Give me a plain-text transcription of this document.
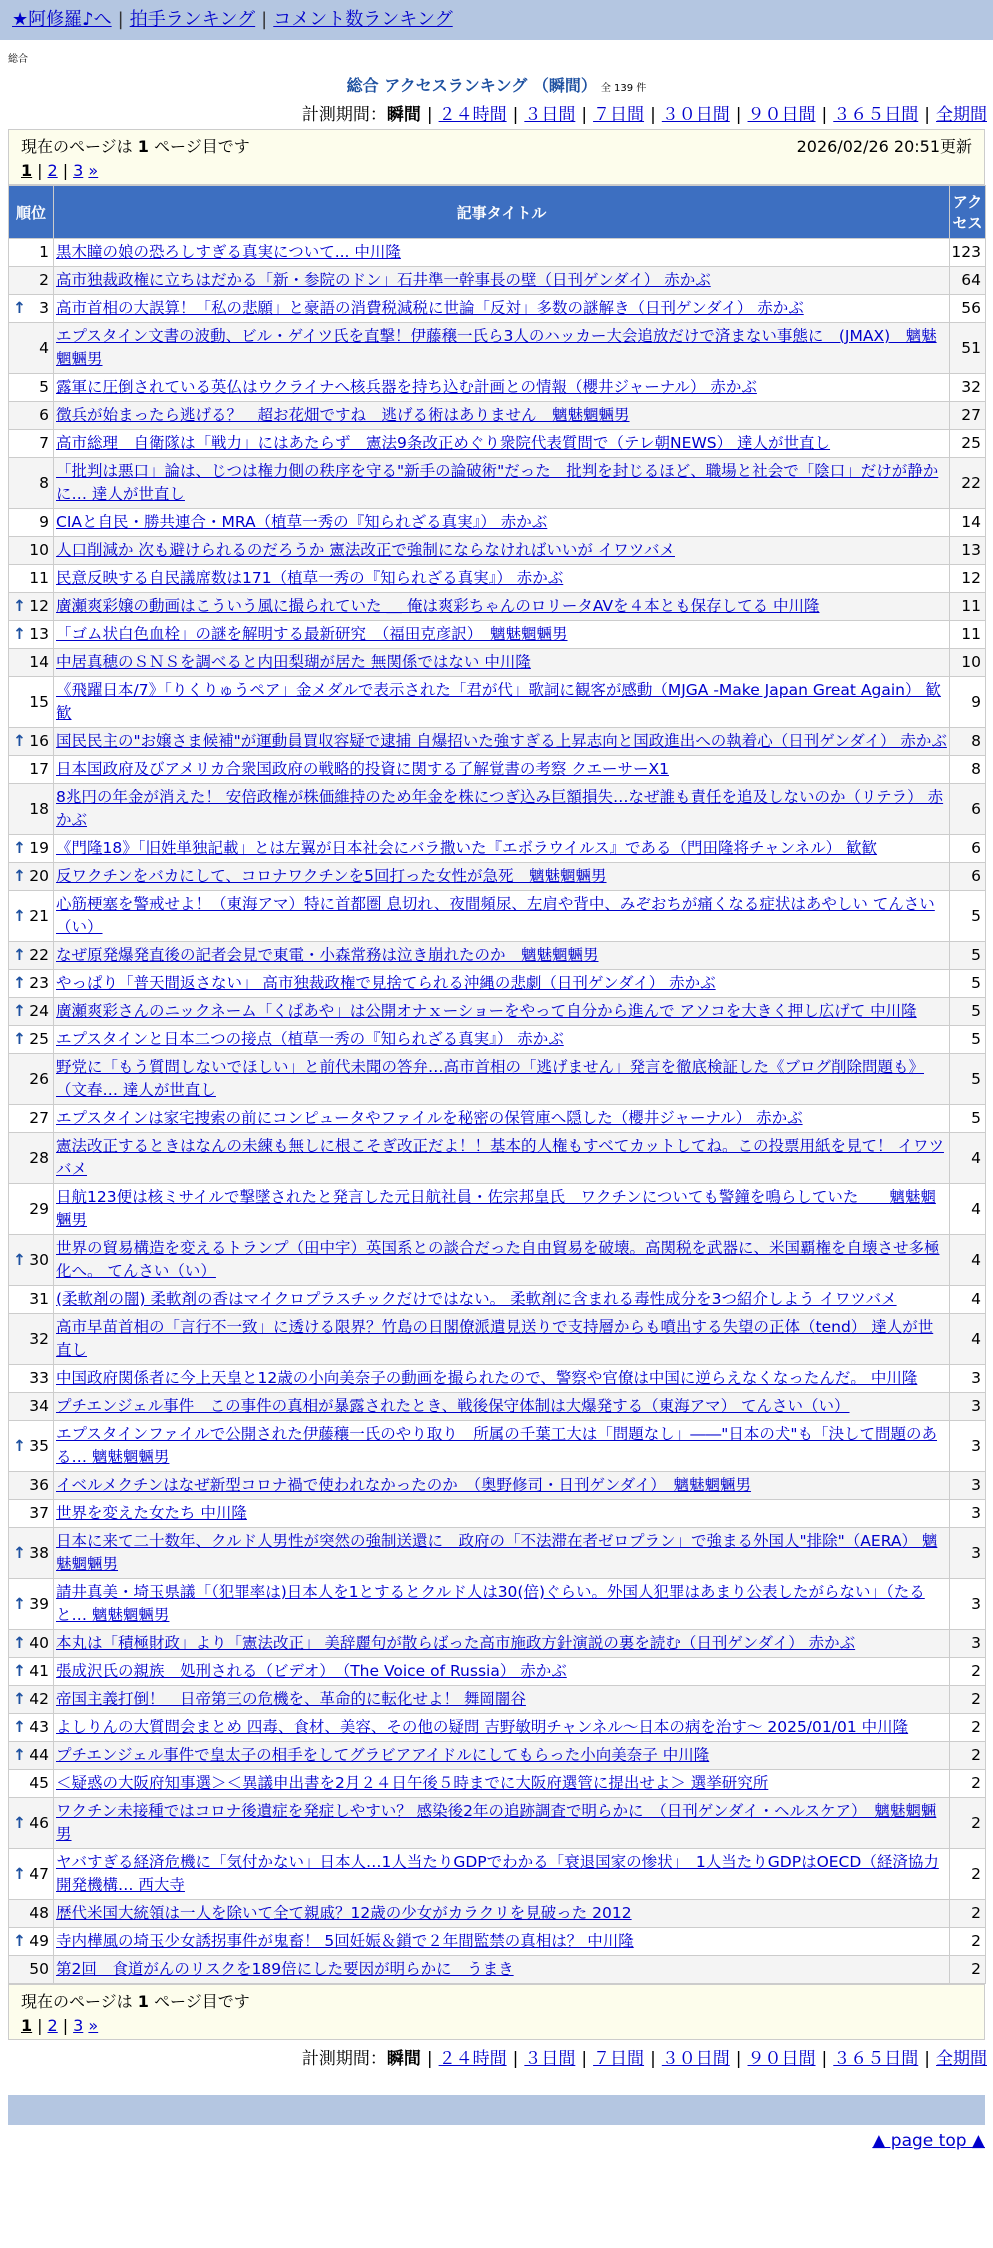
★阿修羅♪へ | 拍手ランキング | コメント数ランキング
総合
総合 アクセスランキング （瞬間） 全 139 件
計測期間：瞬間 | ２４時間 | ３日間 | ７日間 | ３０日間 | ９０日間 | ３６５日間 | 全期間
現在のページは 1 ページ目です	2026/02/26 20:51更新
1 | 2 | 3 »
順位	記事タイトル	アクセス

1	黒木瞳の娘の恐ろしすぎる真実について... 中川隆	123

2	高市独裁政権に立ちはだかる「新・参院のドン」石井準一幹事長の壁（日刊ゲンダイ） 赤かぶ	64

↑ 3	高市首相の大誤算！「私の悲願」と豪語の消費税減税に世論「反対」多数の謎解き（日刊ゲンダイ） 赤かぶ	56

4	エプスタイン文書の波動、ビル・ゲイツ氏を直撃！伊藤穣一氏ら3人のハッカー大会追放だけで済まない事態に　(JMAX)　魑魅魍魎男	51

5	露軍に圧倒されている英仏はウクライナへ核兵器を持ち込む計画との情報（櫻井ジャーナル） 赤かぶ	32

6	徴兵が始まったら逃げる？　超お花畑ですね　逃げる術はありません　魑魅魍魎男	27

7	高市総理　自衛隊は「戦力」にはあたらず　憲法9条改正めぐり衆院代表質問で（テレ朝NEWS） 達人が世直し	25

8	「批判は悪口」論は、じつは権力側の秩序を守る"新手の論破術"だった　批判を封じるほど、職場と社会で「陰口」だけが静かに… 達人が世直し	22

9	CIAと自民・勝共連合・MRA（植草一秀の『知られざる真実』） 赤かぶ	14

10	人口削減か 次も避けられるのだろうか 憲法改正で強制にならなければいいが イワツバメ	13

11	民意反映する自民議席数は171（植草一秀の『知られざる真実』） 赤かぶ	12

↑ 12	廣瀬爽彩嬢の動画はこういう風に撮られていた ＿ 俺は爽彩ちゃんのロリータAVを４本とも保存してる 中川隆	11

↑ 13	「ゴム状白色血栓」の謎を解明する最新研究　（福田克彦訳）　魑魅魍魎男	11

14	中居真穂のＳＮＳを調べると内田梨瑚が居た 無関係ではない 中川隆	10

15	《飛躍日本/7》「りくりゅうペア」金メダルで表示された「君が代」歌詞に観客が感動（MJGA -Make Japan Great Again） 歓歓	9

↑ 16	国民民主の"お嬢さま候補"が運動員買収容疑で逮捕 自爆招いた強すぎる上昇志向と国政進出への執着心（日刊ゲンダイ） 赤かぶ	8

17	日本国政府及びアメリカ合衆国政府の戦略的投資に関する了解覚書の考察 クエーサーX1	8

18	8兆円の年金が消えた！ 安倍政権が株価維持のため年金を株につぎ込み巨額損失…なぜ誰も責任を追及しないのか（リテラ） 赤かぶ	6

↑ 19	《門隆18》「旧姓単独記載」とは左翼が日本社会にバラ撒いた『エボラウイルス』である（門田隆将チャンネル） 歓歓	6

↑ 20	反ワクチンをバカにして、コロナワクチンを5回打った女性が急死　魑魅魍魎男	6

↑ 21	心筋梗塞を警戒せよ！（東海アマ）特に首都圏 息切れ、夜間頻尿、左肩や背中、みぞおちが痛くなる症状はあやしい てんさい（い）	5

↑ 22	なぜ原発爆発直後の記者会見で東電・小森常務は泣き崩れたのか　魑魅魍魎男	5

↑ 23	やっぱり「普天間返さない」 高市独裁政権で見捨てられる沖縄の悲劇（日刊ゲンダイ） 赤かぶ	5

↑ 24	廣瀬爽彩さんのニックネーム「くぱあや」は公開オナｘーショーをやって自分から進んで アソコを大きく押し広げて 中川隆	5

↑ 25	エプスタインと日本二つの接点（植草一秀の『知られざる真実』） 赤かぶ	5

26	野党に「もう質問しないでほしい」と前代未聞の答弁…高市首相の「逃げません」発言を徹底検証した《ブログ削除問題も》（文春… 達人が世直し	5

27	エプスタインは家宅捜索の前にコンピュータやファイルを秘密の保管庫へ隠した（櫻井ジャーナル） 赤かぶ	5

28	憲法改正するときはなんの未練も無しに根こそぎ改正だよ！！基本的人権もすべてカットしてね。この投票用紙を見て！ イワツバメ	4

29	日航123便は核ミサイルで撃墜されたと発言した元日航社員・佐宗邦皇氏　ワクチンについても警鐘を鳴らしていた　　魑魅魍魎男	4

↑ 30	世界の貿易構造を変えるトランプ（田中宇）英国系との談合だった自由貿易を破壊。高関税を武器に、米国覇権を自壊させ多極化へ。 てんさい（い）	4

31	(柔軟剤の闇) 柔軟剤の香はマイクロプラスチックだけではない。 柔軟剤に含まれる毒性成分を3つ紹介しよう イワツバメ	4

32	高市早苗首相の「言行不一致」に透ける限界？竹島の日閣僚派遣見送りで支持層からも噴出する失望の正体（tend） 達人が世直し	4

33	中国政府関係者に今上天皇と12歳の小向美奈子の動画を撮られたので、警察や官僚は中国に逆らえなくなったんだ。 中川隆	3

34	プチエンジェル事件　この事件の真相が暴露されたとき、戦後保守体制は大爆発する（東海アマ） てんさい（い）	3

↑ 35	エプスタインファイルで公開された伊藤穰一氏のやり取り　所属の千葉工大は「問題なし」――"日本の犬"も「決して問題のある… 魑魅魍魎男	3

36	イベルメクチンはなぜ新型コロナ禍で使われなかったのか　（奥野修司・日刊ゲンダイ）　魑魅魍魎男	3

37	世界を変えた女たち 中川隆	3

↑ 38	日本に来て二十数年、クルド人男性が突然の強制送還に　政府の「不法滞在者ゼロプラン」で強まる外国人"排除"（AERA） 魑魅魍魎男	3

↑ 39	請井真美・埼玉県議「（犯罪率は)日本人を1とするとクルド人は30(倍)ぐらい。外国人犯罪はあまり公表したがらない」（たると… 魑魅魍魎男	3

↑ 40	本丸は「積極財政」より「憲法改正」 美辞麗句が散らばった高市施政方針演説の裏を読む（日刊ゲンダイ） 赤かぶ	3

↑ 41	張成沢氏の親族　処刑される（ビデオ）　（The Voice of Russia） 赤かぶ	2

↑ 42	帝国主義打倒！　日帝第三の危機を、革命的に転化せよ！ 舞岡闇谷	2

↑ 43	よしりんの大質問会まとめ 四毒、食材、美容、その他の疑問 吉野敏明チャンネル〜日本の病を治す〜 2025/01/01 中川隆	2

↑ 44	プチエンジェル事件で皇太子の相手をしてグラビアアイドルにしてもらった小向美奈子 中川隆	2

45	＜疑惑の大阪府知事選＞＜異議申出書を2月２４日午後５時までに大阪府選管に提出せよ＞ 選挙研究所	2

↑ 46	ワクチン未接種ではコロナ後遺症を発症しやすい？ 感染後2年の追跡調査で明らかに　（日刊ゲンダイ・ヘルスケア）　魑魅魍魎男	2

↑ 47	ヤバすぎる経済危機に「気付かない」日本人…1人当たりGDPでわかる「衰退国家の惨状」　1人当たりGDPはOECD（経済協力開発機構… 西大寺	2

48	歴代米国大統領は一人を除いて全て親戚？12歳の少女がカラクリを見破った 2012	2

↑ 49	寺内樺風の埼玉少女誘拐事件が鬼畜！ 5回妊娠＆鎖で２年間監禁の真相は？ 中川隆	2

50	第2回　食道がんのリスクを189倍にした要因が明らかに　うまき	2
現在のページは 1 ページ目です
1 | 2 | 3 »
計測期間：瞬間 | ２４時間 | ３日間 | ７日間 | ３０日間 | ９０日間 | ３６５日間 | 全期間
▲ page top ▲
